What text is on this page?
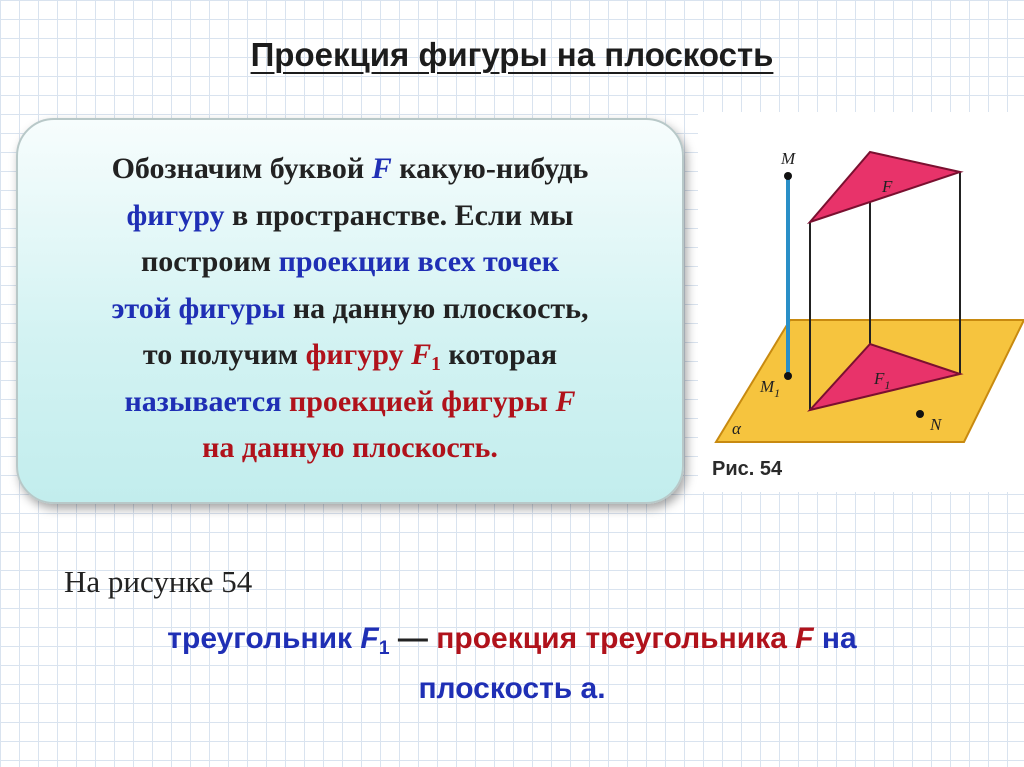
Проекция фигуры на плоскость
Обозначим буквой F какую-нибудь
фигуру в пространстве. Если мы
построим проекции всех точек
этой фигуры на данную плоскость,
то получим фигуру $F_1$ которая
называется проекцией фигуры F
на данную плоскость.
M
$M_1$
F
$F_1$
N
α
Рис. 54
На рисунке 54
треугольник $F_1$ — проекция треугольника F на
плоскость а.
